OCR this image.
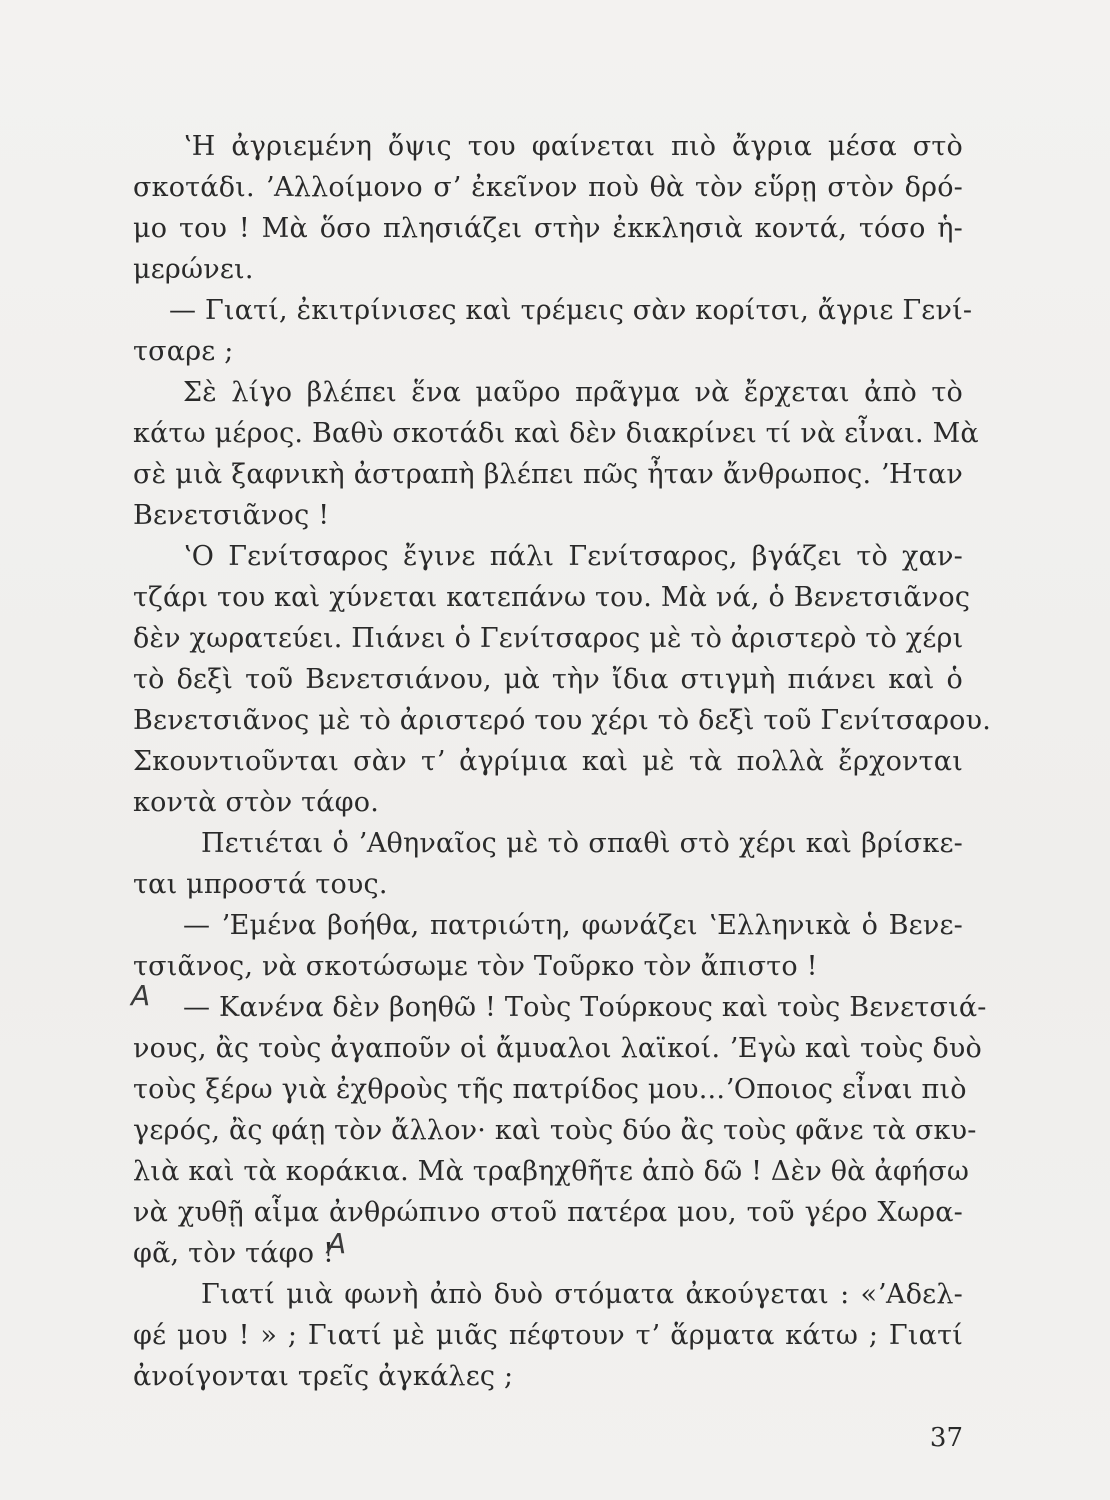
ʽΗ ἀγριεμένη ὄψις του φαίνεται πιὸ ἄγρια μέσα στὸ
σκοτάδι. ʼΑλλοίμονο σʼ ἐκεῖνον ποὺ θὰ τὸν εὕρῃ στὸν δρό-
μο του ! Μὰ ὅσο πλησιάζει στὴν ἐκκλησιὰ κοντά, τόσο ἡ-
μερώνει.
— Γιατί, ἐκιτρίνισες καὶ τρέμεις σὰν κορίτσι, ἄγριε Γενί-
τσαρε ;
Σὲ λίγο βλέπει ἕνα μαῦρο πρᾶγμα νὰ ἔρχεται ἀπὸ τὸ
κάτω μέρος. Βαθὺ σκοτάδι καὶ δὲν διακρίνει τί νὰ εἶναι. Μὰ
σὲ μιὰ ξαφνικὴ ἀστραπὴ βλέπει πῶς ἦταν ἄνθρωπος. ʼΗταν
Βενετσιᾶνος !
ʽΟ Γενίτσαρος ἔγινε πάλι Γενίτσαρος, βγάζει τὸ χαν-
τζάρι του καὶ χύνεται κατεπάνω του. Μὰ νά, ὁ Βενετσιᾶνος
δὲν χωρατεύει. Πιάνει ὁ Γενίτσαρος μὲ τὸ ἀριστερὸ τὸ χέρι
τὸ δεξὶ τοῦ Βενετσιάνου, μὰ τὴν ἴδια στιγμὴ πιάνει καὶ ὁ
Βενετσιᾶνος μὲ τὸ ἀριστερό του χέρι τὸ δεξὶ τοῦ Γενίτσαρου.
Σκουντιοῦνται σὰν τʼ ἀγρίμια καὶ μὲ τὰ πολλὰ ἔρχονται
κοντὰ στὸν τάφο.
Πετιέται ὁ ʼΑθηναῖος μὲ τὸ σπαθὶ στὸ χέρι καὶ βρίσκε-
ται μπροστά τους.
— ʼΕμένα βοήθα, πατριώτη, φωνάζει ʽΕλληνικὰ ὁ Βενε-
τσιᾶνος, νὰ σκοτώσωμε τὸν Τοῦρκο τὸν ἄπιστο !
— Κανένα δὲν βοηθῶ ! Τοὺς Τούρκους καὶ τοὺς Βενετσιά-
νους, ἂς τοὺς ἀγαποῦν οἱ ἄμυαλοι λαϊκοί. ʼΕγὼ καὶ τοὺς δυὸ
τοὺς ξέρω γιὰ ἐχθροὺς τῆς πατρίδος μου...ʼΟποιος εἶναι πιὸ
γερός, ἂς φάῃ τὸν ἄλλον· καὶ τοὺς δύο ἂς τοὺς φᾶνε τὰ σκυ-
λιὰ καὶ τὰ κοράκια. Μὰ τραβηχθῆτε ἀπὸ δῶ ! Δὲν θὰ ἀφήσω
νὰ χυθῇ αἷμα ἀνθρώπινο στοῦ πατέρα μου, τοῦ γέρο Χωρα-
φᾶ, τὸν τάφο !
Γιατί μιὰ φωνὴ ἀπὸ δυὸ στόματα ἀκούγεται : «ʼΑδελ-
φέ μου ! » ; Γιατί μὲ μιᾶς πέφτουν τʼ ἅρματα κάτω ; Γιατί
ἀνοίγονται τρεῖς ἀγκάλες ;
A
A
37
